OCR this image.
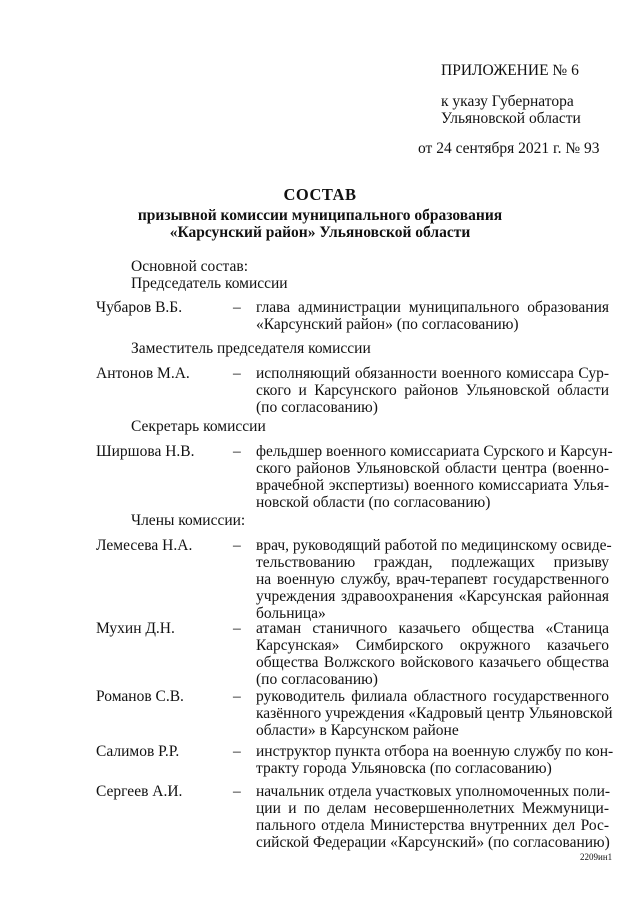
ПРИЛОЖЕНИЕ № 6
к указу Губернатора
Ульяновской области
от 24 сентября 2021 г. № 93
СОСТАВ
призывной комиссии муниципального образования
«Карсунский район» Ульяновской области
Основной состав:
Председатель комиссии
Чубаров В.Б.	– глава администрации муниципального образования
«Карсунский район» (по согласованию)
Заместитель председателя комиссии
Антонов М.А.	– исполняющий обязанности военного комиссара Сур-
ского и Карсунского районов Ульяновской области
(по согласованию)
Секретарь комиссии
Ширшова Н.В. – фельдшер военного комиссариата Сурского и Карсун-
ского районов Ульяновской области центра (военно-
врачебной экспертизы) военного комиссариата Улья-
новской области (по согласованию)
Члены комиссии:
Лемесева Н.А.	– врач, руководящий работой по медицинскому освиде-
тельствованию граждан, подлежащих призыву
на военную службу, врач-терапевт государственного
учреждения здравоохранения «Карсунская районная
больница»
Мухин Д.Н.	– атаман станичного казачьего общества «Станица
Карсунская» Симбирского окружного казачьего
общества Волжского войскового казачьего общества
(по согласованию)
Романов С.В.	– руководитель филиала областного государственного
казённого учреждения «Кадровый центр Ульяновской
области» в Карсунском районе
Салимов Р.Р.	– инструктор пункта отбора на военную службу по кон-
тракту города Ульяновска (по согласованию)
Сергеев А.И.	– начальник отдела участковых уполномоченных поли-
ции и по делам несовершеннолетних Межмуници-
пального отдела Министерства внутренних дел Рос-
сийской Федерации «Карсунский» (по согласованию)
2209ин1
